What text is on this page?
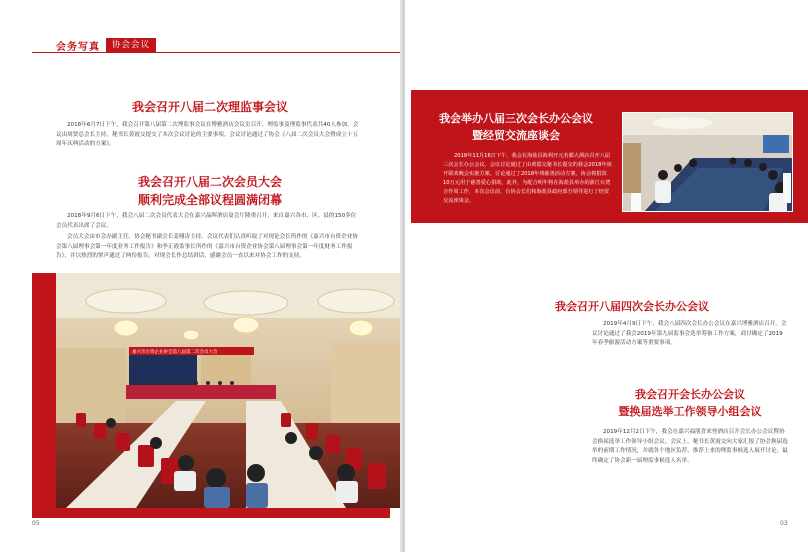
会务写真	协会会议
我会召开八届二次理监事会议

2018年6月7日下午，我会召开第八届第二次理监事会议在博雅酒店会议室召开，理监事及理监事代表共40人参加。会议由周贤总会长主持，秘书长黄霞交提交了本次会议讨论的主要事项。会议讨论通过了协会《八届二次会员大会暨成立十五周年庆典活动的方案》。

我会召开八届二次会员大会
顺利完成全部议程圆满闭幕

2018年9月6日下午，我会八届二次会员代表大会在嘉兴晶晖酒店宴会厅隆重召开，来自嘉兴各市、区、县的150多位会员代表出席了会议。

会员大会由市会办副主任、协会秘书副会长姜栩涛主持。会议代表们认真听取了对现论会长所作的《嘉兴市台资企业协会第八届理事会第一年度业务工作报告》和李正霞监事长所作的《嘉兴市台资企业协会第八届理事会第一年度财务工作报告》，并以热烈的掌声通过了两份报告。对现会长作总结讲话，感谢会员一直以来对协会工作的支持。

嘉兴市台资企业协会第八届第二次会员大会
05
我会举办八届三次会长办公会议
暨经贸交流座谈会

2018年11月16日下午，我会在海盐县海利开元名都大酒店召开八届三次会长办公会议。会议讨论通过了由黄霞交秘书长提交的我会2018年度开联欢晚会实施方案。讨论通过了2018年残慈善活动方案，协会将捐款10万元用于慈善爱心捐助。此外，为配合明年将在海盐县举办的浙江台湾合作周工作，本次会议前，台协会长们和海盐县政府部分领导进行了经贸交流座谈会。

我会召开八届四次会长办公会议

2019年4月9日下午，我会八届四次会长办公会议在嘉兴博雅酒店召开。会议讨论通过了我会2019年第九届监事会选举筹备工作方案，商讨确定了2019年春季旅游活动方案等重要事项。

我会召开会长办公会议
暨换届选举工作领导小组会议

2019年12月2日下午，我会在嘉兴福朋喜来登酒店召开会长办公会议暨协会换届选举工作领导小组会议。会议上，秘书长黄霞交向大家汇报了协会换届选举的前期工作情况，并就各个地区负荐、推荐上来的理监事候选人展开讨论，最终确定了协会新一届理监事候选人名单。

03
